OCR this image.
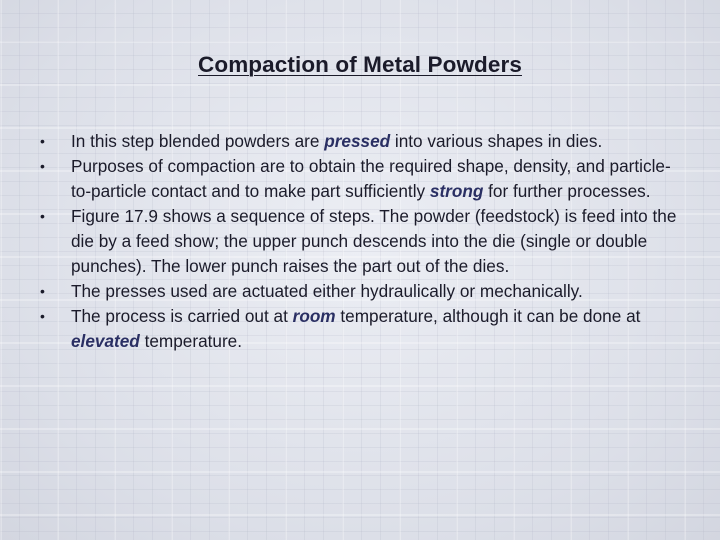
Compaction of Metal Powders
• In this step blended powders are pressed into various shapes in dies.
• Purposes of compaction are to obtain the required shape, density, and particle-to-particle contact and to make part sufficiently strong for further processes.
• Figure 17.9 shows a sequence of steps. The powder (feedstock) is feed into the die by a feed show; the upper punch descends into the die (single or double punches). The lower punch raises the part out of the dies.
• The presses used are actuated either hydraulically or mechanically.
• The process is carried out at room temperature, although it can be done at elevated temperature.
